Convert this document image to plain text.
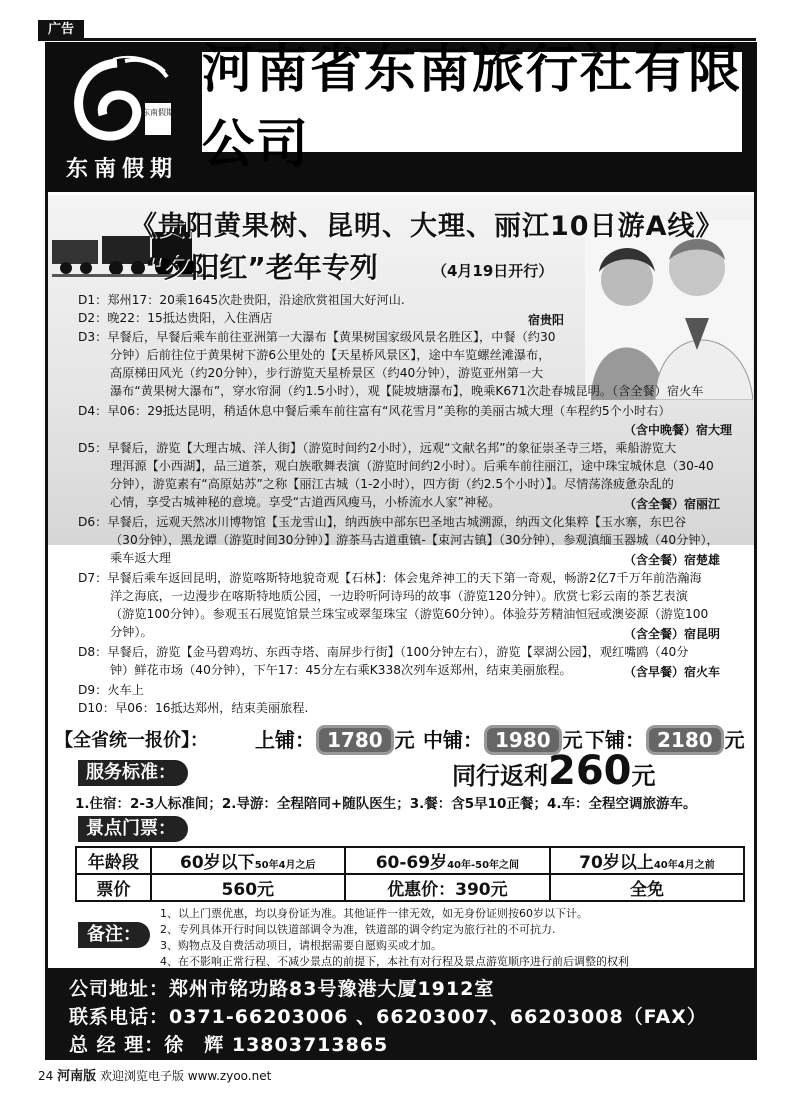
广告
东南假期
东南假期
河南省东南旅行社有限公司
《贵阳黄果树、昆明、大理、丽江10日游A线》
“夕阳红”老年专列	（4月19日开行）
D1：郑州17：20乘1645次赴贵阳，沿途欣赏祖国大好河山.
D2：晚22：15抵达贵阳，入住酒店	宿贵阳
D3：早餐后，早餐后乘车前往亚洲第一大瀑布【黄果树国家级风景名胜区】，中餐（约30
分钟）后前往位于黄果树下游6公里处的【天星桥风景区】，途中车览螺丝滩瀑布，
高原梯田风光（约20分钟），步行游览天星桥景区（约40分钟），游览亚州第一大
瀑布“黄果树大瀑布”，穿水帘洞（约1.5小时），观【陡坡塘瀑布】，晚乘K671次赴春城昆明。（含全餐）宿火车
D4：早06：29抵达昆明，稍适休息中餐后乘车前往富有“风花雪月”美称的美丽古城大理（车程约5个小时右）
（含中晚餐）宿大理
D5：早餐后，游览【大理古城、洋人街】（游览时间约2小时），远观“文献名邦”的象征崇圣寺三塔，乘船游览大
理洱源【小西湖】，品三道茶，观白族歌舞表演（游览时间约2小时）。后乘车前往丽江，途中珠宝城休息（30-40
分钟），游览素有“高原姑苏”之称【丽江古城（1-2小时），四方街（约2.5个小时）】。尽情荡涤疲惫杂乱的
心情，享受古城神秘的意境。享受“古道西风瘦马，小桥流水人家”神秘。	（含全餐）宿丽江
D6：早餐后，远观天然冰川博物馆【玉龙雪山】，纳西族中部东巴圣地古城溯源，纳西文化集粹【玉水寨，东巴谷
（30分钟），黑龙谭（游览时间30分钟）】游茶马古道重镇-【束河古镇】（30分钟），参观滇缅玉器城（40分钟），
乘车返大理	（含全餐）宿楚雄
D7：早餐后乘车返回昆明，游览喀斯特地貌奇观【石林】：体会鬼斧神工的天下第一奇观，畅游2亿7千万年前浩瀚海
洋之海底，一边漫步在喀斯特地质公园，一边聆听阿诗玛的故事（游览120分钟）。欣赏七彩云南的茶艺表演
（游览100分钟）。参观玉石展览馆景兰珠宝或翠玺珠宝（游览60分钟）。体验芬芳精油恒冠或澳姿源（游览100
分钟）。	（含全餐）宿昆明
D8：早餐后，游览【金马碧鸡坊、东西寺塔、南屏步行街】（100分钟左右），游览【翠湖公园】，观红嘴鸥（40分
钟）鲜花市场（40分钟），下午17：45分左右乘K338次列车返郑州，结束美丽旅程。	（含早餐）宿火车
D9：火车上
D10：早06：16抵达郑州，结束美丽旅程.
【全省统一报价】： 上铺： 1780 元 中铺： 1980 元 下铺： 2180 元
服务标准：	同行返利260元
1.住宿：2-3人标准间；2.导游：全程陪同+随队医生；3.餐：含5早10正餐；4.车：全程空调旅游车。
景点门票：
年龄段	60岁以下50年4月之后	60-69岁40年-50年之间	70岁以上40年4月之前
票价	560元	优惠价：390元	全免
备注：
1、以上门票优惠，均以身份证为准。其他证件一律无效，如无身份证则按60岁以下计。
2、专列具体开行时间以铁道部调令为准，铁道部的调令约定为旅行社的不可抗力.
3、购物点及自费活动项目，请根据需要自愿购买或才加。
4、在不影响正常行程、不减少景点的前提下，本社有对行程及景点游览顺序进行前后调整的权利
公司地址：郑州市铭功路83号豫港大厦1912室
联系电话：0371-66203006 、66203007、66203008（FAX）
总 经 理：徐　辉 13803713865
24 河南版 欢迎浏览电子版 www.zyoo.net
